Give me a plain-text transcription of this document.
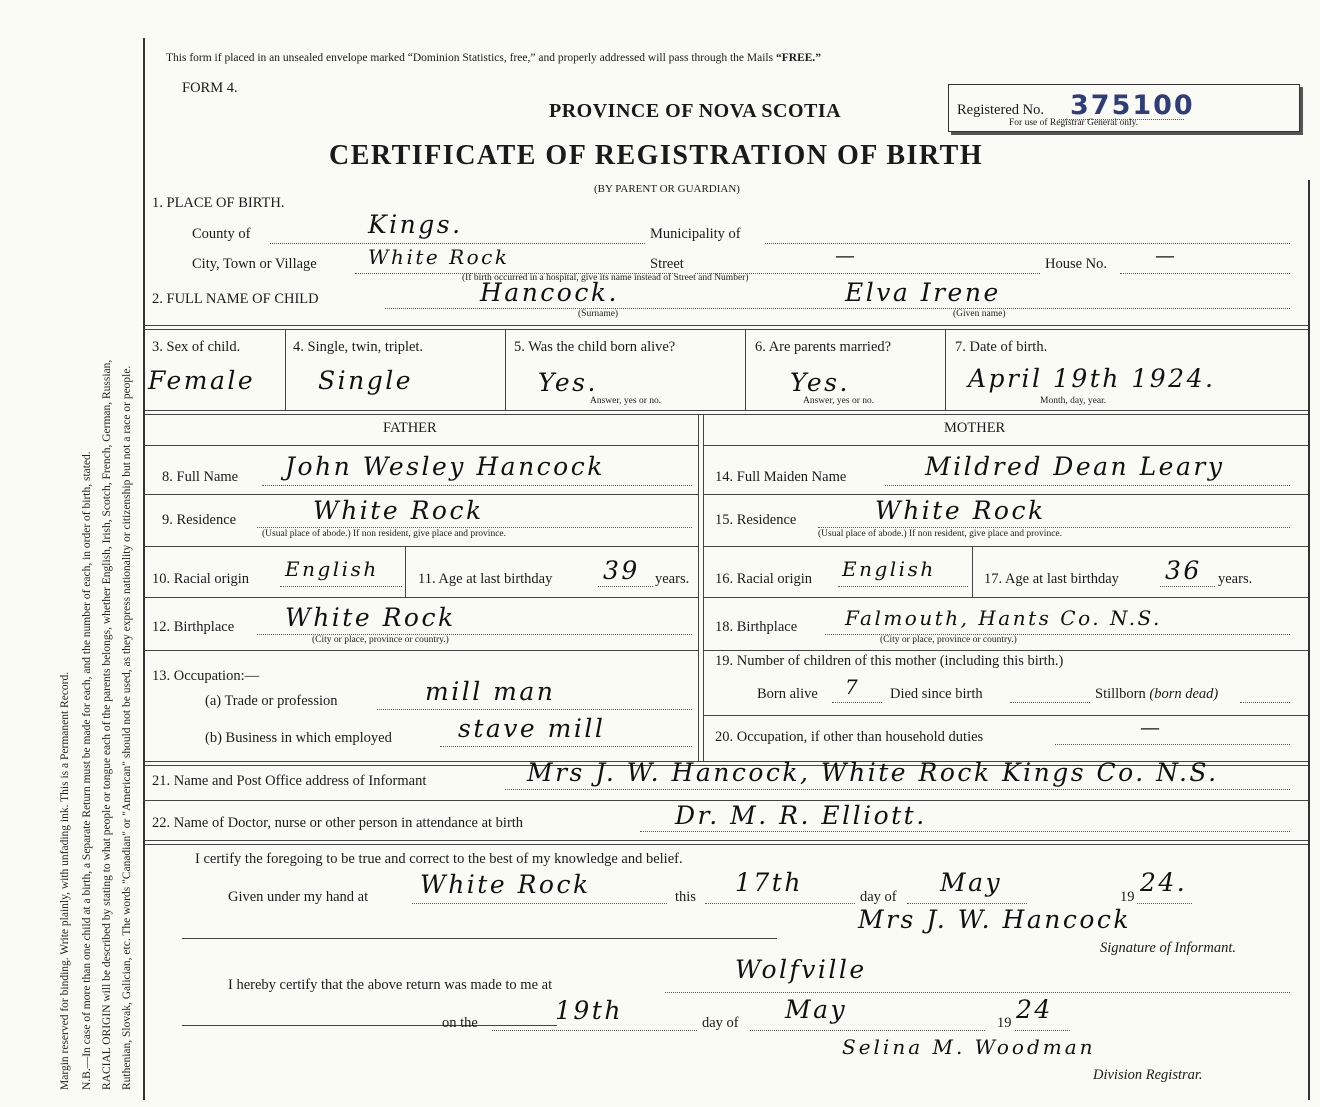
Margin reserved for binding. Write plainly, with unfading ink. This is a Permanent Record. N.B.—In case of more than one child at a birth, a Separate Return must be made for each, and the number of each, in order of birth, stated. RACIAL ORIGIN will be described by stating to what people or tongue each of the parents belongs, whether English, Irish, Scotch, French, German, Russian, Ruthenian, Slovak, Galician, etc. The words "Canadian" or "American" should not be used, as they express nationality or citizenship but not a race or people.
This form if placed in an unsealed envelope marked “Dominion Statistics, free,” and properly addressed will pass through the Mails “FREE.”
FORM 4.
PROVINCE OF NOVA SCOTIA
CERTIFICATE OF REGISTRATION OF BIRTH
(BY PARENT OR GUARDIAN)
Registered No. 375100
For use of Registrar General only.
1. PLACE OF BIRTH.
County of	Kings.	Municipality of
City, Town or Village	White Rock	Street	—	House No. —
(If birth occurred in a hospital, give its name instead of Street and Number)
2. FULL NAME OF CHILD	Hancock.	Elva Irene
(Surname)	(Given name)
3. Sex of child.
Female
4. Single, twin, triplet.
Single
5. Was the child born alive?
Yes.
Answer, yes or no.
6. Are parents married?
Yes.
Answer, yes or no.
7. Date of birth.
April 19th 1924.
Month, day, year.
FATHER	MOTHER
8. Full Name John Wesley Hancock
9. Residence	White Rock
(Usual place of abode.) If non resident, give place and province.
10. Racial origin English	11. Age at last birthday 39 years.
12. Birthplace White Rock
(City or place, province or country.)
13. Occupation:—
(a) Trade or profession	mill man
(b) Business in which employed	stave mill
14. Full Maiden Name	Mildred Dean Leary
15. Residence	White Rock
(Usual place of abode.) If non resident, give place and province.
16. Racial origin English	17. Age at last birthday 36 years.
18. Birthplace Falmouth, Hants Co. N.S.
(City or place, province or country.)
19. Number of children of this mother (including this birth.)
Born alive 7 Died since birth	Stillborn (born dead)
20. Occupation, if other than household duties	—
21. Name and Post Office address of Informant	Mrs J. W. Hancock, White Rock Kings Co. N.S.
22. Name of Doctor, nurse or other person in attendance at birth	Dr. M. R. Elliott.
I certify the foregoing to be true and correct to the best of my knowledge and belief.
Given under my hand at White Rock	this 17th	day of May	19 24.
Mrs J. W. Hancock
Signature of Informant.
I hereby certify that the above return was made to me at
Wolfville
on the	19th	day of May	19 24
Selina M. Woodman
Division Registrar.
